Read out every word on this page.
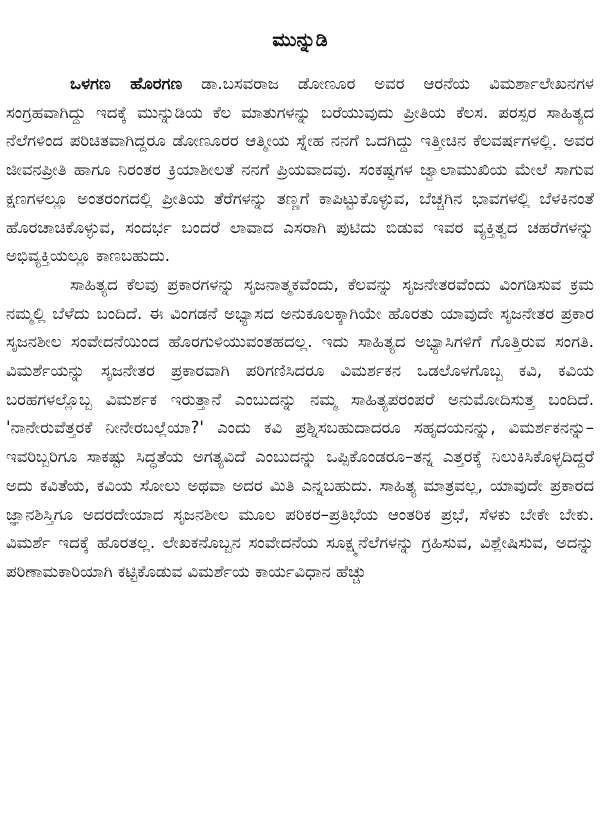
ಮುನ್ನುಡಿ

ಒಳಗಣ ಹೊರಗಣ ಡಾ.ಬಸವರಾಜ ಡೋಣೂರ ಅವರ ಆರನೆಯ ವಿಮರ್ಶಾಲೇಖನಗಳ ಸಂಗ್ರಹವಾಗಿದ್ದು ಇದಕ್ಕೆ ಮುನ್ನುಡಿಯ ಕೆಲ ಮಾತುಗಳನ್ನು ಬರೆಯುವುದು ಪ್ರೀತಿಯ ಕೆಲಸ. ಪರಸ್ಪರ ಸಾಹಿತ್ಯದ ನೆಲೆಗಳಿಂದ ಪರಿಚಿತವಾಗಿದ್ದರೂ ಡೋಣೂರರ ಆತ್ಮೀಯ ಸ್ನೇಹ ನನಗೆ ಒದಗಿದ್ದು ಇತ್ತೀಚಿನ ಕೆಲವರ್ಷಗಳಲ್ಲಿ. ಅವರ ಜೀವನಪ್ರೀತಿ ಹಾಗೂ ನಿರಂತರ ಕ್ರಿಯಾಶೀಲತೆ ನನಗೆ ಪ್ರಿಯವಾದವು. ಸಂಕಷ್ಟಗಳ ಜ್ವಾಲಾಮುಖಿಯ ಮೇಲೆ ಸಾಗುವ ಕ್ಷಣಗಳಲ್ಲೂ ಅಂತರಂಗದಲ್ಲಿ ಪ್ರೀತಿಯ ತೆರೆಗಳನ್ನು ತಣ್ಣಗೆ ಕಾಪಿಟ್ಟುಕೊಳ್ಳುವ, ಬೆಚ್ಚಗಿನ ಭಾವಗಳಲ್ಲಿ ಬೆಳಕಿನಂತೆ ಹೊರಚಾಚಿಕೊಳ್ಳುವ, ಸಂದರ್ಭ ಬಂದರೆ ಲಾವಾದ ಎಸರಾಗಿ ಪುಟಿದು ಬಿಡುವ ಇವರ ವ್ಯಕ್ತಿತ್ವದ ಚಹರೆಗಳನ್ನು ಅಭಿವ್ಯಕ್ತಿಯಲ್ಲೂ ಕಾಣಬಹುದು.

ಸಾಹಿತ್ಯದ ಕೆಲವು ಪ್ರಕಾರಗಳನ್ನು ಸೃಜನಾತ್ಮಕವೆಂದು, ಕೆಲವನ್ನು ಸೃಜನೇತರವೆಂದು ವಿಂಗಡಿಸುವ ಕ್ರಮ ನಮ್ಮಲ್ಲಿ ಬೆಳೆದು ಬಂದಿದೆ. ಈ ವಿಂಗಡನೆ ಅಭ್ಯಾಸದ ಅನುಕೂಲಕ್ಕಾಗಿಯೇ ಹೊರತು ಯಾವುದೇ ಸೃಜನೇತರ ಪ್ರಕಾರ ಸೃಜನಶೀಲ ಸಂವೇದನೆಯಿಂದ ಹೊರಗುಳಿಯುವಂತಹದಲ್ಲ. ಇದು ಸಾಹಿತ್ಯದ ಅಭ್ಯಾಸಿಗಳಿಗೆ ಗೊತ್ತಿರುವ ಸಂಗತಿ. ವಿಮರ್ಶೆಯನ್ನು ಸೃಜನೇತರ ಪ್ರಕಾರವಾಗಿ ಪರಿಗಣಿಸಿದರೂ ವಿಮರ್ಶಕನ ಒಡಲೊಳಗೊಬ್ಬ ಕವಿ, ಕವಿಯ ಬರಹಗಳಲ್ಲೊಬ್ಬ ವಿಮರ್ಶಕ ಇರುತ್ತಾನೆ ಎಂಬುದನ್ನು ನಮ್ಮ ಸಾಹಿತ್ಯಪರಂಪರೆ ಅನುಮೋದಿಸುತ್ತ ಬಂದಿದೆ. 'ನಾನೇರುವೆತ್ತರಕೆ ನೀನೇರಬಲ್ಲೆಯಾ?' ಎಂದು ಕವಿ ಪ್ರಶ್ನಿಸಬಹುದಾದರೂ ಸಹೃದಯನನ್ನು, ವಿಮರ್ಶಕನನ್ನು–ಇವರಿಬ್ಬರಿಗೂ ಸಾಕಷ್ಟು ಸಿದ್ಧತೆಯ ಅಗತ್ಯವಿದೆ ಎಂಬುದನ್ನು ಒಪ್ಪಿಕೊಂಡರೂ–ತನ್ನ ಎತ್ತರಕ್ಕೆ ನಿಲುಕಿಸಿಕೊಳ್ಳದಿದ್ದರೆ ಅದು ಕವಿತೆಯ, ಕವಿಯ ಸೋಲು ಅಥವಾ ಅದರ ಮಿತಿ ಎನ್ನಬಹುದು. ಸಾಹಿತ್ಯ ಮಾತ್ರವಲ್ಲ, ಯಾವುದೇ ಪ್ರಕಾರದ ಜ್ಞಾನಶಿಸ್ತಿಗೂ ಅದರದೇಯಾದ ಸೃಜನಶೀಲ ಮೂಲ ಪರಿಕರ–ಪ್ರತಿಭೆಯ ಆಂತರಿಕ ಪ್ರಭೆ, ಸೆಳಕು ಬೇಕೇ ಬೇಕು. ವಿಮರ್ಶೆ ಇದಕ್ಕೆ ಹೊರತಲ್ಲ. ಲೇಖಕನೊಬ್ಬನ ಸಂವೇದನೆಯ ಸೂಕ್ಷ್ಮನೆಲೆಗಳನ್ನು ಗ್ರಹಿಸುವ, ವಿಶ್ಲೇಷಿಸುವ, ಅದನ್ನು ಪರಿಣಾಮಕಾರಿಯಾಗಿ ಕಟ್ಟಿಕೊಡುವ ವಿಮರ್ಶೆಯ ಕಾರ್ಯವಿಧಾನ ಹೆಚ್ಚು
